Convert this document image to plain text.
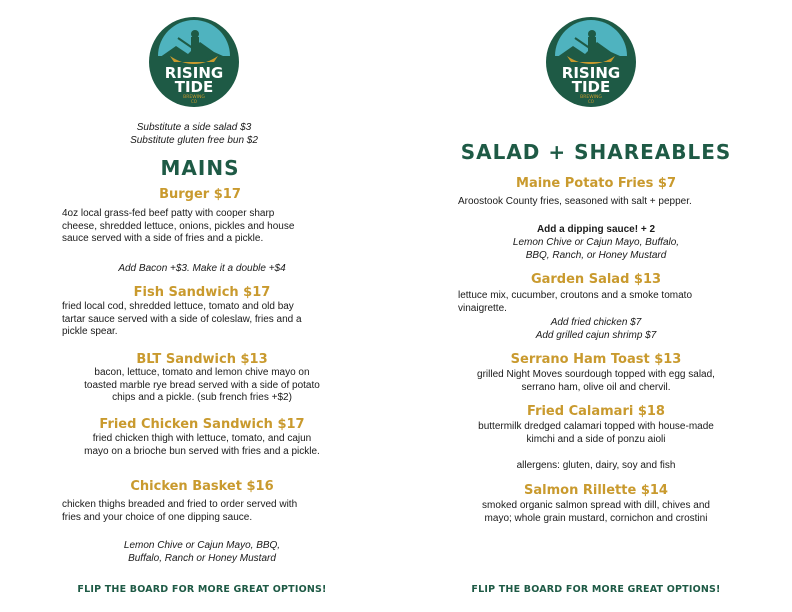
RISING
TIDE
BREWING
CO
RISING
TIDE
BREWING
CO

Substitute a side salad $3

Substitute gluten free bun $2

MAINS

Burger $17

4oz local grass-fed beef patty with cooper sharp
cheese, shredded lettuce, onions, pickles and house
sauce served with a side of fries and a pickle.

Add Bacon +$3. Make it a double +$4

Fish Sandwich $17

fried local cod, shredded lettuce, tomato and old bay
tartar sauce served with a side of coleslaw, fries and a
pickle spear.

BLT Sandwich $13

bacon, lettuce, tomato and lemon chive mayo on
toasted marble rye bread served with a side of potato
chips and a pickle. (sub french fries +$2)

Fried Chicken Sandwich $17

fried chicken thigh with lettuce, tomato, and cajun
mayo on a brioche bun served with fries and a pickle.

Chicken Basket $16

chicken thighs breaded and fried to order served with
fries and your choice of one dipping sauce.
Lemon Chive or Cajun Mayo, BBQ,
Buffalo, Ranch or Honey Mustard

FLIP THE BOARD FOR MORE GREAT OPTIONS!

SALAD + SHAREABLES

Maine Potato Fries $7

Aroostook County fries, seasoned with salt + pepper.

Add a dipping sauce! + 2

Lemon Chive or Cajun Mayo, Buffalo,
BBQ, Ranch, or Honey Mustard

Garden Salad $13

lettuce mix, cucumber, croutons and a smoke tomato
vinaigrette.
Add fried chicken $7
Add grilled cajun shrimp $7

Serrano Ham Toast $13

grilled Night Moves sourdough topped with egg salad,
serrano ham, olive oil and chervil.

Fried Calamari $18

buttermilk dredged calamari topped with house-made
kimchi and a side of ponzu aioli

allergens: gluten, dairy, soy and fish

Salmon Rillette $14

smoked organic salmon spread with dill, chives and
mayo; whole grain mustard, cornichon and crostini

FLIP THE BOARD FOR MORE GREAT OPTIONS!
